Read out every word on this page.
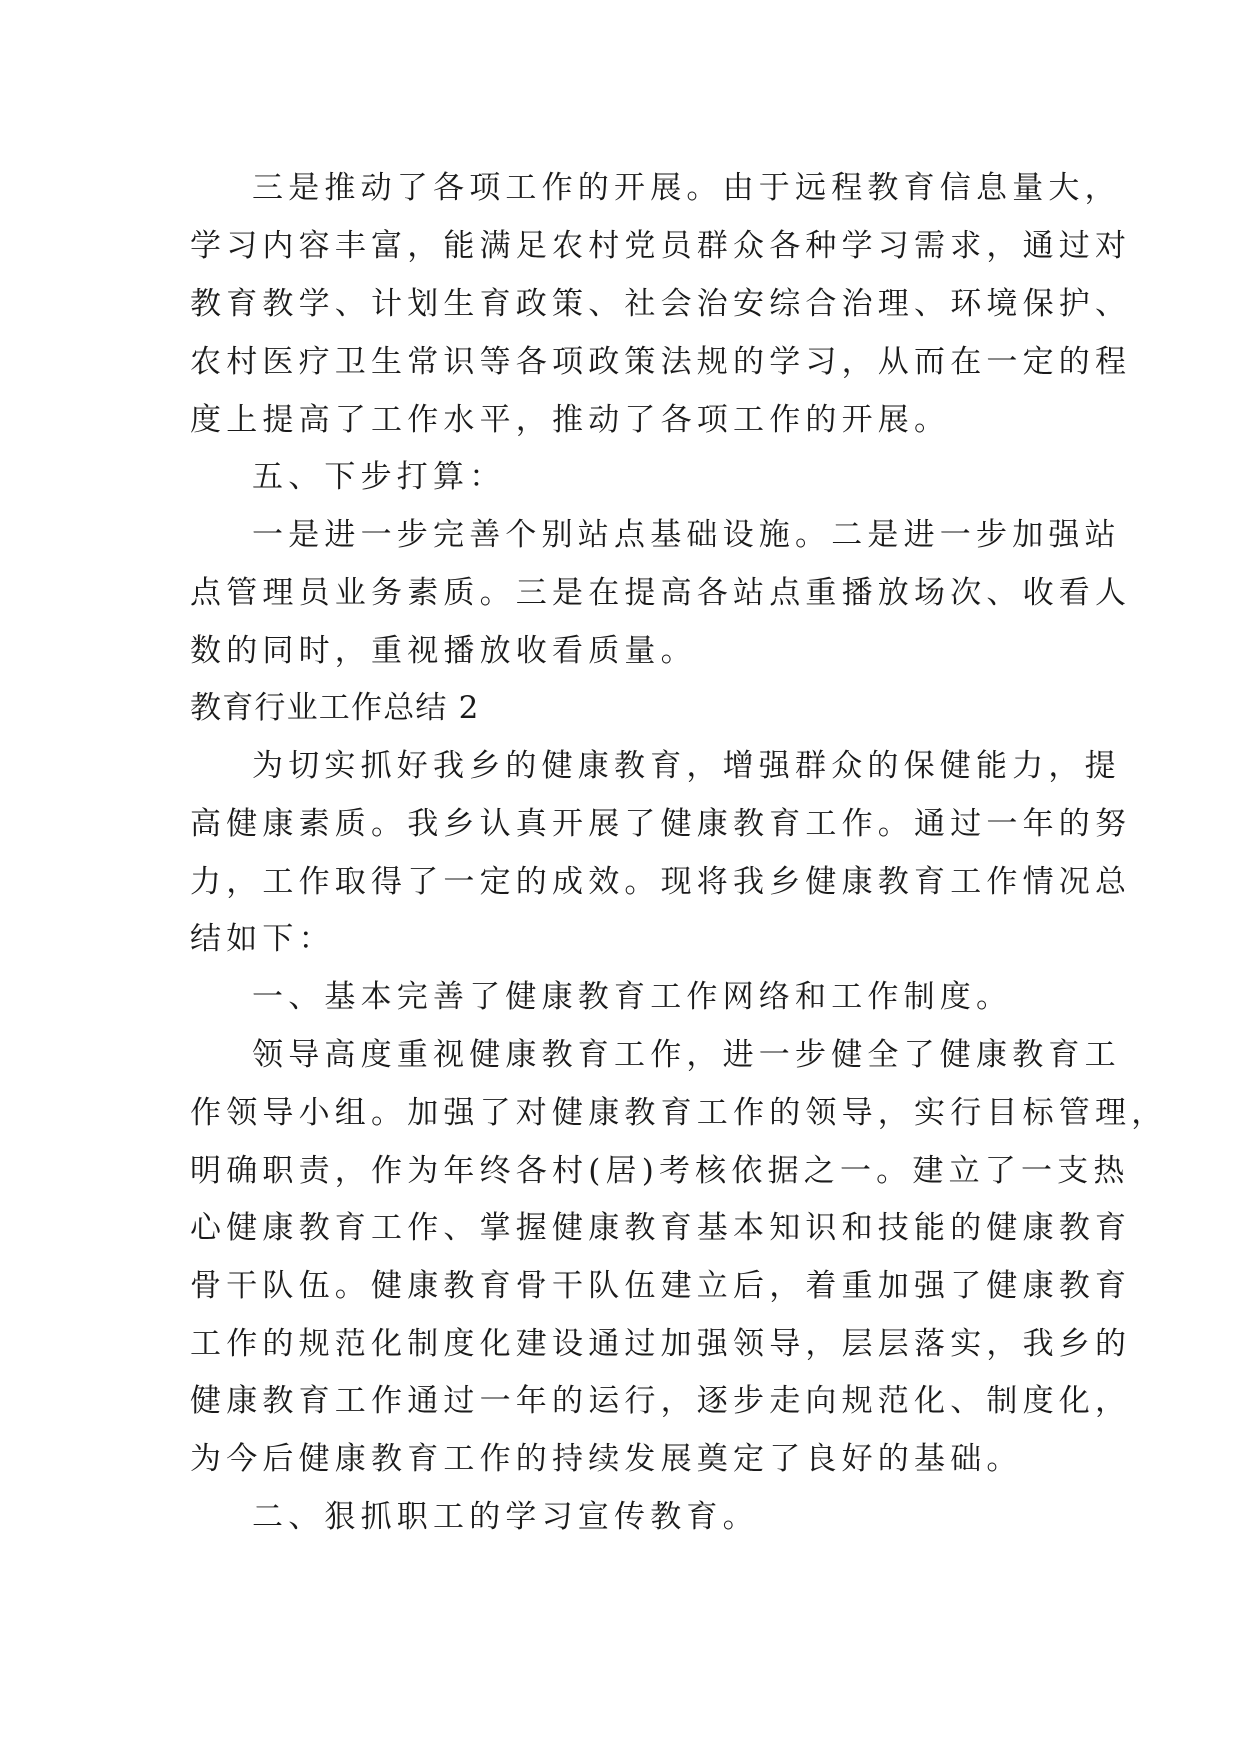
三是推动了各项工作的开展。由于远程教育信息量大，
学习内容丰富，能满足农村党员群众各种学习需求，通过对
教育教学、计划生育政策、社会治安综合治理、环境保护、
农村医疗卫生常识等各项政策法规的学习，从而在一定的程
度上提高了工作水平，推动了各项工作的开展。
五、下步打算：
一是进一步完善个别站点基础设施。二是进一步加强站
点管理员业务素质。三是在提高各站点重播放场次、收看人
数的同时，重视播放收看质量。
教育行业工作总结 2
为切实抓好我乡的健康教育，增强群众的保健能力，提
高健康素质。我乡认真开展了健康教育工作。通过一年的努
力，工作取得了一定的成效。现将我乡健康教育工作情况总
结如下：
一、基本完善了健康教育工作网络和工作制度。
领导高度重视健康教育工作，进一步健全了健康教育工
作领导小组。加强了对健康教育工作的领导，实行目标管理，
明确职责，作为年终各村(居)考核依据之一。建立了一支热
心健康教育工作、掌握健康教育基本知识和技能的健康教育
骨干队伍。健康教育骨干队伍建立后，着重加强了健康教育
工作的规范化制度化建设通过加强领导，层层落实，我乡的
健康教育工作通过一年的运行，逐步走向规范化、制度化，
为今后健康教育工作的持续发展奠定了良好的基础。
二、狠抓职工的学习宣传教育。
